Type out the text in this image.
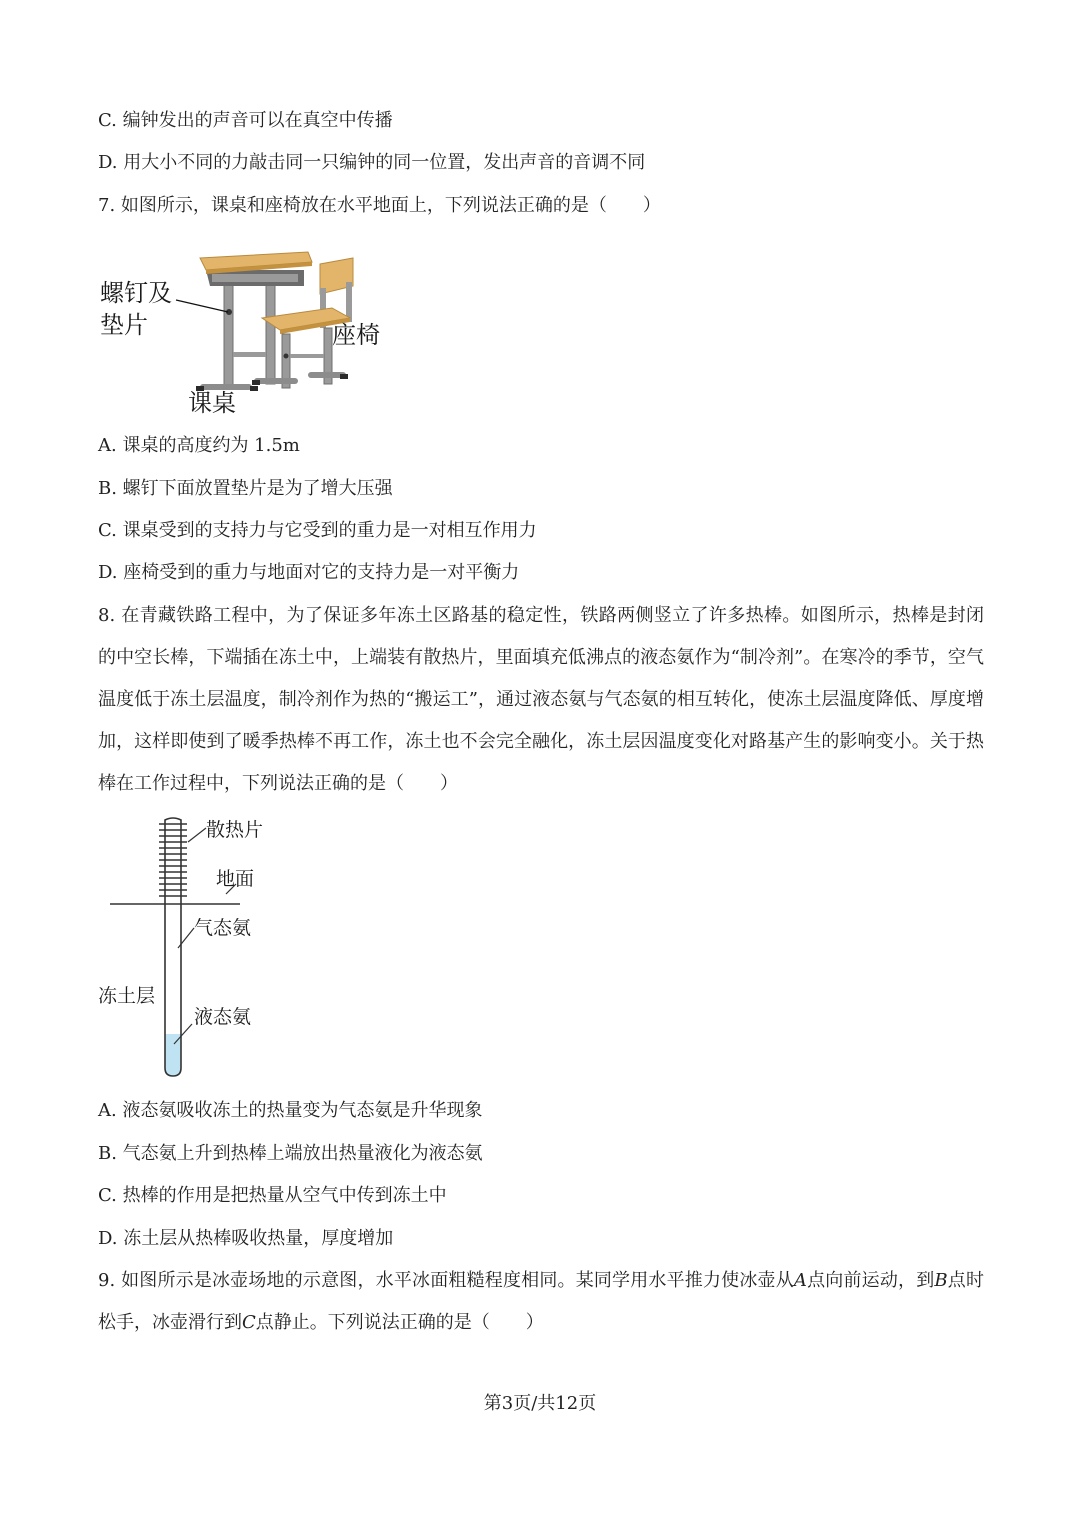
C. 编钟发出的声音可以在真空中传播
D. 用大小不同的力敲击同一只编钟的同一位置，发出声音的音调不同
7. 如图所示，课桌和座椅放在水平地面上，下列说法正确的是（　　）
螺钉及
垫片	座椅
课桌
A. 课桌的高度约为 1.5m
B. 螺钉下面放置垫片是为了增大压强
C. 课桌受到的支持力与它受到的重力是一对相互作用力
D. 座椅受到的重力与地面对它的支持力是一对平衡力
8. 在青藏铁路工程中，为了保证多年冻土区路基的稳定性，铁路两侧竖立了许多热棒。如图所示，热棒是封闭的中空长棒，下端插在冻土中，上端装有散热片，里面填充低沸点的液态氨作为“制冷剂”。在寒冷的季节，空气温度低于冻土层温度，制冷剂作为热的“搬运工”，通过液态氨与气态氨的相互转化，使冻土层温度降低、厚度增加，这样即使到了暖季热棒不再工作，冻土也不会完全融化，冻土层因温度变化对路基产生的影响变小。关于热棒在工作过程中，下列说法正确的是（　　）
散热片
地面
气态氨
冻土层
液态氨
A. 液态氨吸收冻土的热量变为气态氨是升华现象
B. 气态氨上升到热棒上端放出热量液化为液态氨
C. 热棒的作用是把热量从空气中传到冻土中
D. 冻土层从热棒吸收热量，厚度增加
9. 如图所示是冰壶场地的示意图，水平冰面粗糙程度相同。某同学用水平推力使冰壶从A点向前运动，到B点时松手，冰壶滑行到C点静止。下列说法正确的是（　　）
第3页/共12页
